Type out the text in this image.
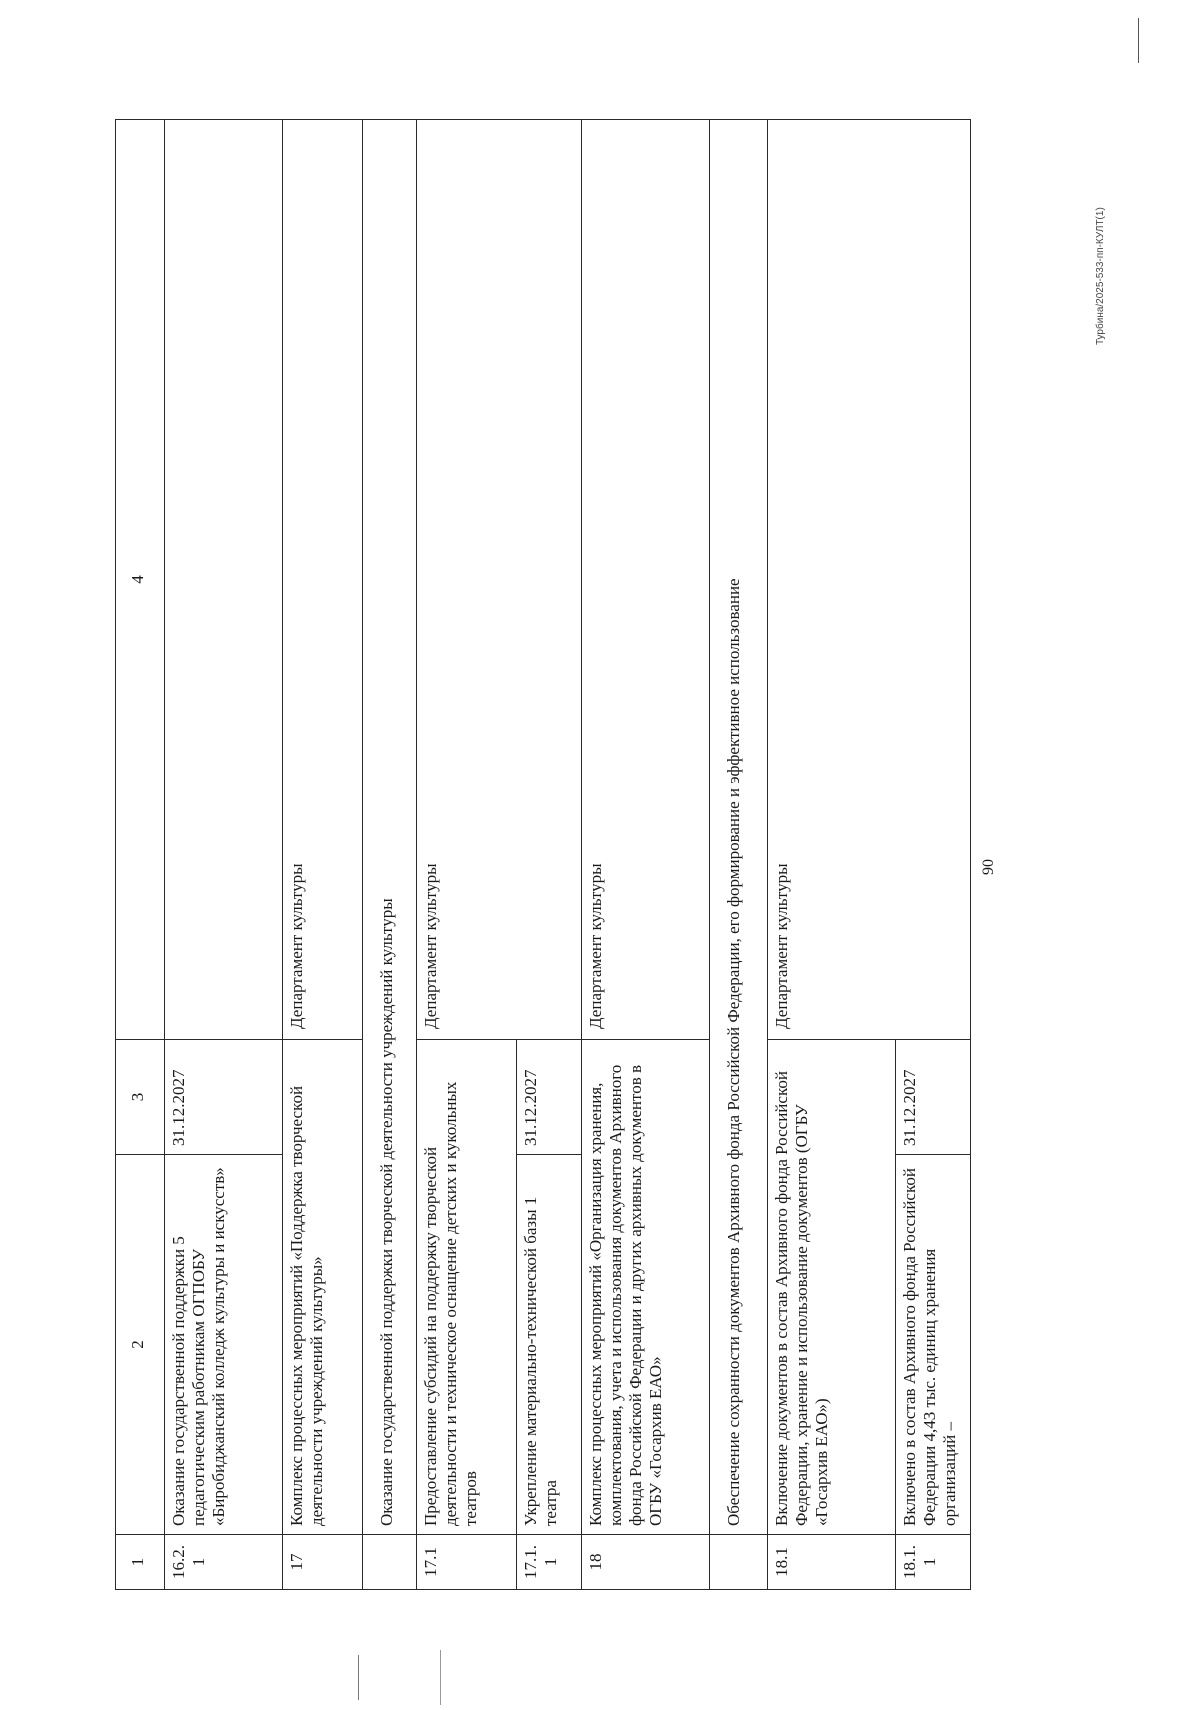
90
Турбина/2025-533-пп-КУЛТ(1)
1	2	3	4
16.2.1	Оказание государственной поддержки 5 педагогическим работникам ОГПОБУ «Биробиджанский колледж культуры и искусств»	31.12.2027	
17	Комплекс процессных мероприятий «Поддержка творческой деятельности учреждений культуры»		Департамент культуры
	Оказание государственной поддержки творческой деятельности учреждений культуры		
17.1	Предоставление субсидий на поддержку творческой деятельности и техническое оснащение детских и кукольных театров		Департамент культуры
17.1.1	Укрепление материально-технической базы 1 театра	31.12.2027	
18	Комплекс процессных мероприятий «Организация хранения, комплектования, учета и использования документов Архивного фонда Российской Федерации и других архивных документов в ОГБУ «Госархив ЕАО»		Департамент культуры
	Обеспечение сохранности документов Архивного фонда Российской Федерации, его формирование и эффективное использование		
18.1	Включение документов в состав Архивного фонда Российской Федерации, хранение и использование документов (ОГБУ «Госархив ЕАО»)		Департамент культуры
18.1.1	Включено в состав Архивного фонда Российской Федерации 4,43 тыс. единиц хранения организаций –	31.12.2027	
